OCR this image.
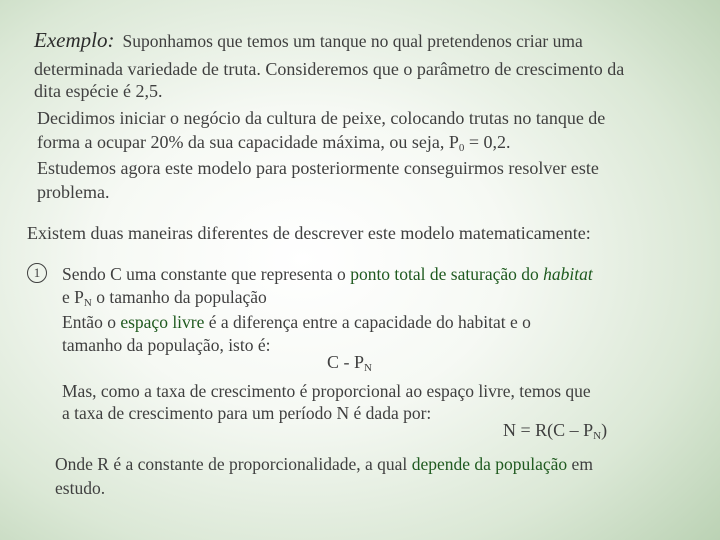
Exemplo: Suponhamos que temos um tanque no qual pretendenos criar uma
determinada variedade de truta. Consideremos que o parâmetro de crescimento da
dita espécie é 2,5.
Decidimos iniciar o negócio da cultura de peixe, colocando trutas no tanque de
forma a ocupar 20% da sua capacidade máxima, ou seja, $P_0 = 0,2$.
Estudemos agora este modelo para posteriormente conseguirmos resolver este
problema.
Existem duas maneiras diferentes de descrever este modelo matematicamente:
1	Sendo C uma constante que representa o ponto total de saturação do habitat
e $P_N$ o tamanho da população
Então o espaço livre é a diferença entre a capacidade do habitat e o
tamanho da população, isto é:
C - $P_N$
Mas, como a taxa de crescimento é proporcional ao espaço livre, temos que
a taxa de crescimento para um período N é dada por:
$N = R(C - P_N)$
Onde R é a constante de proporcionalidade, a qual depende da população em
estudo.
